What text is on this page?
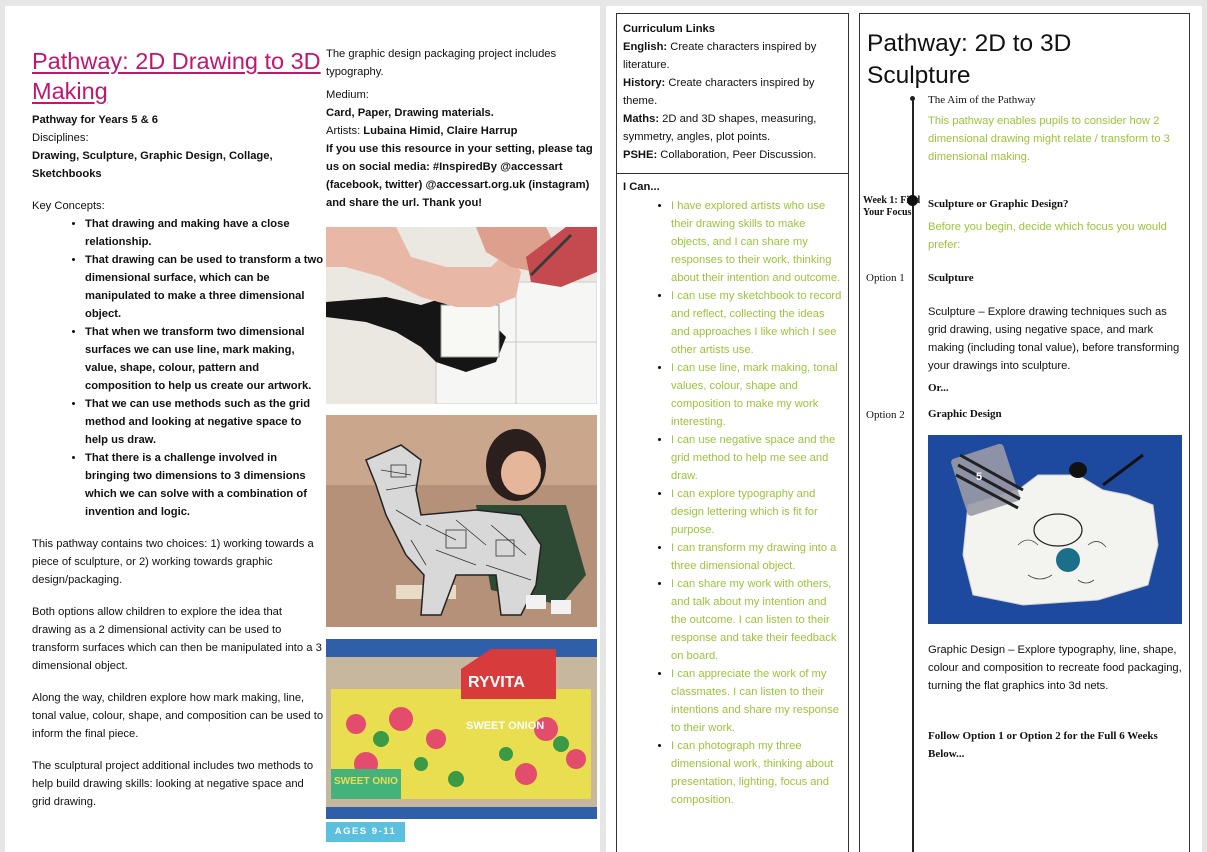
Pathway: 2D Drawing to 3D Making

Pathway for Years 5 & 6

Disciplines:

Drawing, Sculpture, Graphic Design, Collage, Sketchbooks

Key Concepts:

• That drawing and making have a close relationship.
• That drawing can be used to transform a two dimensional surface, which can be manipulated to make a three dimensional object.
• That when we transform two dimensional surfaces we can use line, mark making, value, shape, colour, pattern and composition to help us create our artwork.
• That we can use methods such as the grid method and looking at negative space to help us draw.
• That there is a challenge involved in bringing two dimensions to 3 dimensions which we can solve with a combination of invention and logic.

This pathway contains two choices: 1) working towards a piece of sculpture, or 2) working towards graphic design/packaging.

Both options allow children to explore the idea that drawing as a 2 dimensional activity can be used to transform surfaces which can then be manipulated into a 3 dimensional object.

Along the way, children explore how mark making, line, tonal value, colour, shape, and composition can be used to inform the final piece.

The sculptural project additional includes two methods to help build drawing skills: looking at negative space and grid drawing.

The graphic design packaging project includes typography.

Medium:

Card, Paper, Drawing materials.

Artists: Lubaina Himid, Claire Harrup

If you use this resource in your setting, please tag us on social media: #InspiredBy @accessart (facebook, twitter) @accessart.org.uk (instagram) and share the url. Thank you!

RYVITA
SWEET ONION
SWEET ONIO
AGES 9-11
Curriculum Links
English: Create characters inspired by literature.
History: Create characters inspired by theme.
Maths: 2D and 3D shapes, measuring, symmetry, angles, plot points.
PSHE: Collaboration, Peer Discussion.
I Can...
• I have explored artists who use their drawing skills to make objects, and I can share my responses to their work, thinking about their intention and outcome.
• I can use my sketchbook to record and reflect, collecting the ideas and approaches I like which I see other artists use.
• I can use line, mark making, tonal values, colour, shape and composition to make my work interesting.
• I can use negative space and the grid method to help me see and draw.
• I can explore typography and design lettering which is fit for purpose.
• I can transform my drawing into a three dimensional object.
• I can share my work with others, and talk about my intention and the outcome. I can listen to their response and take their feedback on board.
• I can appreciate the work of my classmates. I can listen to their intentions and share my response to their work.
• I can photograph my three dimensional work, thinking about presentation, lighting, focus and composition.
Pathway: 2D to 3D Sculpture
The Aim of the Pathway
This pathway enables pupils to consider how 2 dimensional drawing might relate / transform to 3 dimensional making.
Week 1: Find Your Focus
Sculpture or Graphic Design?
Before you begin, decide which focus you would prefer:
Option 1 Sculpture
Sculpture – Explore drawing techniques such as grid drawing, using negative space, and mark making (including tonal value), before transforming your drawings into sculpture.
Or...
Option 2 Graphic Design
5
Graphic Design – Explore typography, line, shape, colour and composition to recreate food packaging, turning the flat graphics into 3d nets.
Follow Option 1 or Option 2 for the Full 6 Weeks Below...
